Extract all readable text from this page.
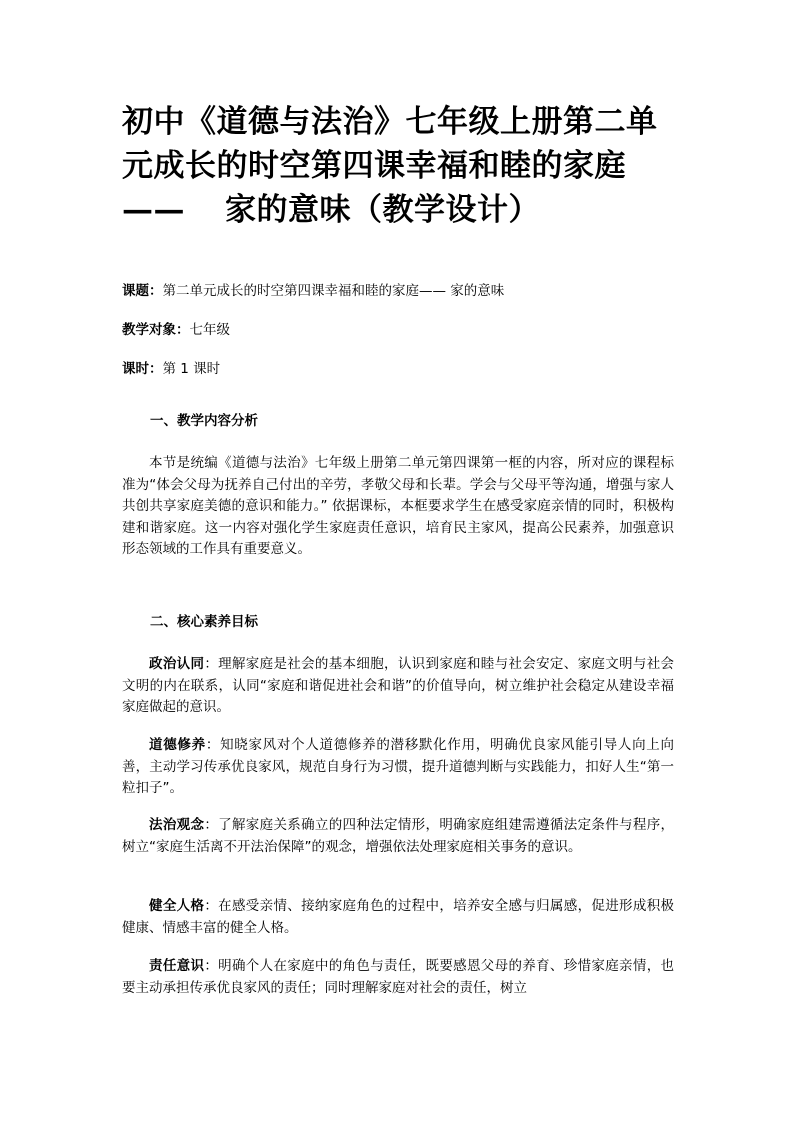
初中《道德与法治》七年级上册第二单
元成长的时空第四课幸福和睦的家庭
—— 家的意味（教学设计）
课题：第二单元成长的时空第四课幸福和睦的家庭—— 家的意味
教学对象：七年级
课时：第 1 课时
一、教学内容分析

本节是统编《道德与法治》七年级上册第二单元第四课第一框的内容，所对应的课程标准为“体会父母为抚养自己付出的辛劳，孝敬父母和长辈。学会与父母平等沟通，增强与家人共创共享家庭美德的意识和能力。” 依据课标，本框要求学生在感受家庭亲情的同时，积极构建和谐家庭。这一内容对强化学生家庭责任意识，培育民主家风，提高公民素养，加强意识形态领域的工作具有重要意义。

二、核心素养目标

政治认同：理解家庭是社会的基本细胞，认识到家庭和睦与社会安定、家庭文明与社会文明的内在联系，认同“家庭和谐促进社会和谐”的价值导向，树立维护社会稳定从建设幸福家庭做起的意识。

道德修养：知晓家风对个人道德修养的潜移默化作用，明确优良家风能引导人向上向善，主动学习传承优良家风，规范自身行为习惯，提升道德判断与实践能力，扣好人生“第一粒扣子”。

法治观念：了解家庭关系确立的四种法定情形，明确家庭组建需遵循法定条件与程序，树立“家庭生活离不开法治保障”的观念，增强依法处理家庭相关事务的意识。

健全人格：在感受亲情、接纳家庭角色的过程中，培养安全感与归属感，促进形成积极健康、情感丰富的健全人格。

责任意识：明确个人在家庭中的角色与责任，既要感恩父母的养育、珍惜家庭亲情，也要主动承担传承优良家风的责任；同时理解家庭对社会的责任，树立
